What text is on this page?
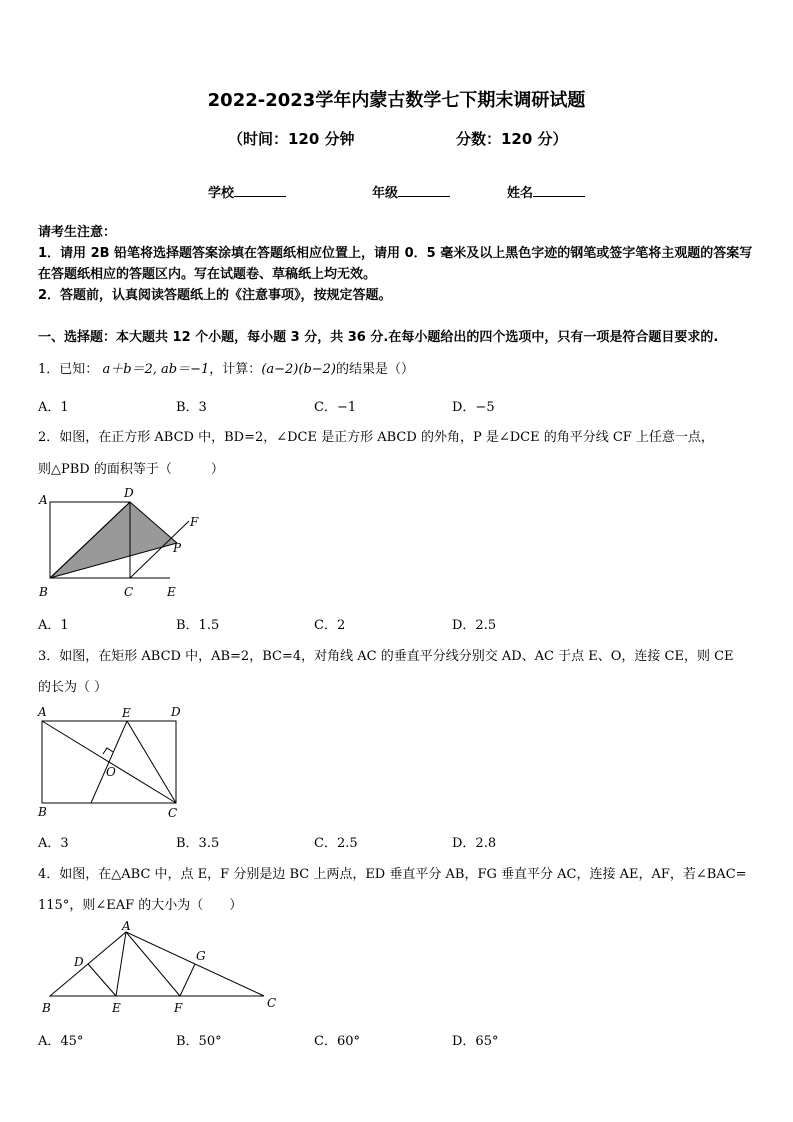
2022-2023学年内蒙古数学七下期末调研试题
（时间：120 分钟	分数：120 分）
学校	年级	姓名
请考生注意：
1．请用 2B 铅笔将选择题答案涂填在答题纸相应位置上，请用 0．5 毫米及以上黑色字迹的钢笔或签字笔将主观题的答案写在答题纸相应的答题区内。写在试题卷、草稿纸上均无效。
2．答题前，认真阅读答题纸上的《注意事项》，按规定答题。
一、选择题：本大题共 12 个小题，每小题 3 分，共 36 分.在每小题给出的四个选项中，只有一项是符合题目要求的.
1．已知： a＋b＝2, ab＝−1，计算：(a−2)(b−2)的结果是（）
A．1	B．3	C．−1	D．−5
2．如图，在正方形 ABCD 中，BD=2，∠DCE 是正方形 ABCD 的外角，P 是∠DCE 的角平分线 CF 上任意一点，
则△PBD 的面积等于（　　　）
A	D
F
P
B	C	E
A．1	B．1.5	C．2	D．2.5
3．如图，在矩形 ABCD 中，AB=2，BC=4，对角线 AC 的垂直平分线分别交 AD、AC 于点 E、O，连接 CE，则 CE
的长为（ ）
A	E	D
O
B	C
A．3	B．3.5	C．2.5	D．2.8
4．如图，在△ABC 中，点 E，F 分别是边 BC 上两点，ED 垂直平分 AB，FG 垂直平分 AC，连接 AE，AF，若∠BAC=
115°，则∠EAF 的大小为（　　）
A
D	G
B	E	F	C
A．45°	B．50°	C．60°	D．65°
